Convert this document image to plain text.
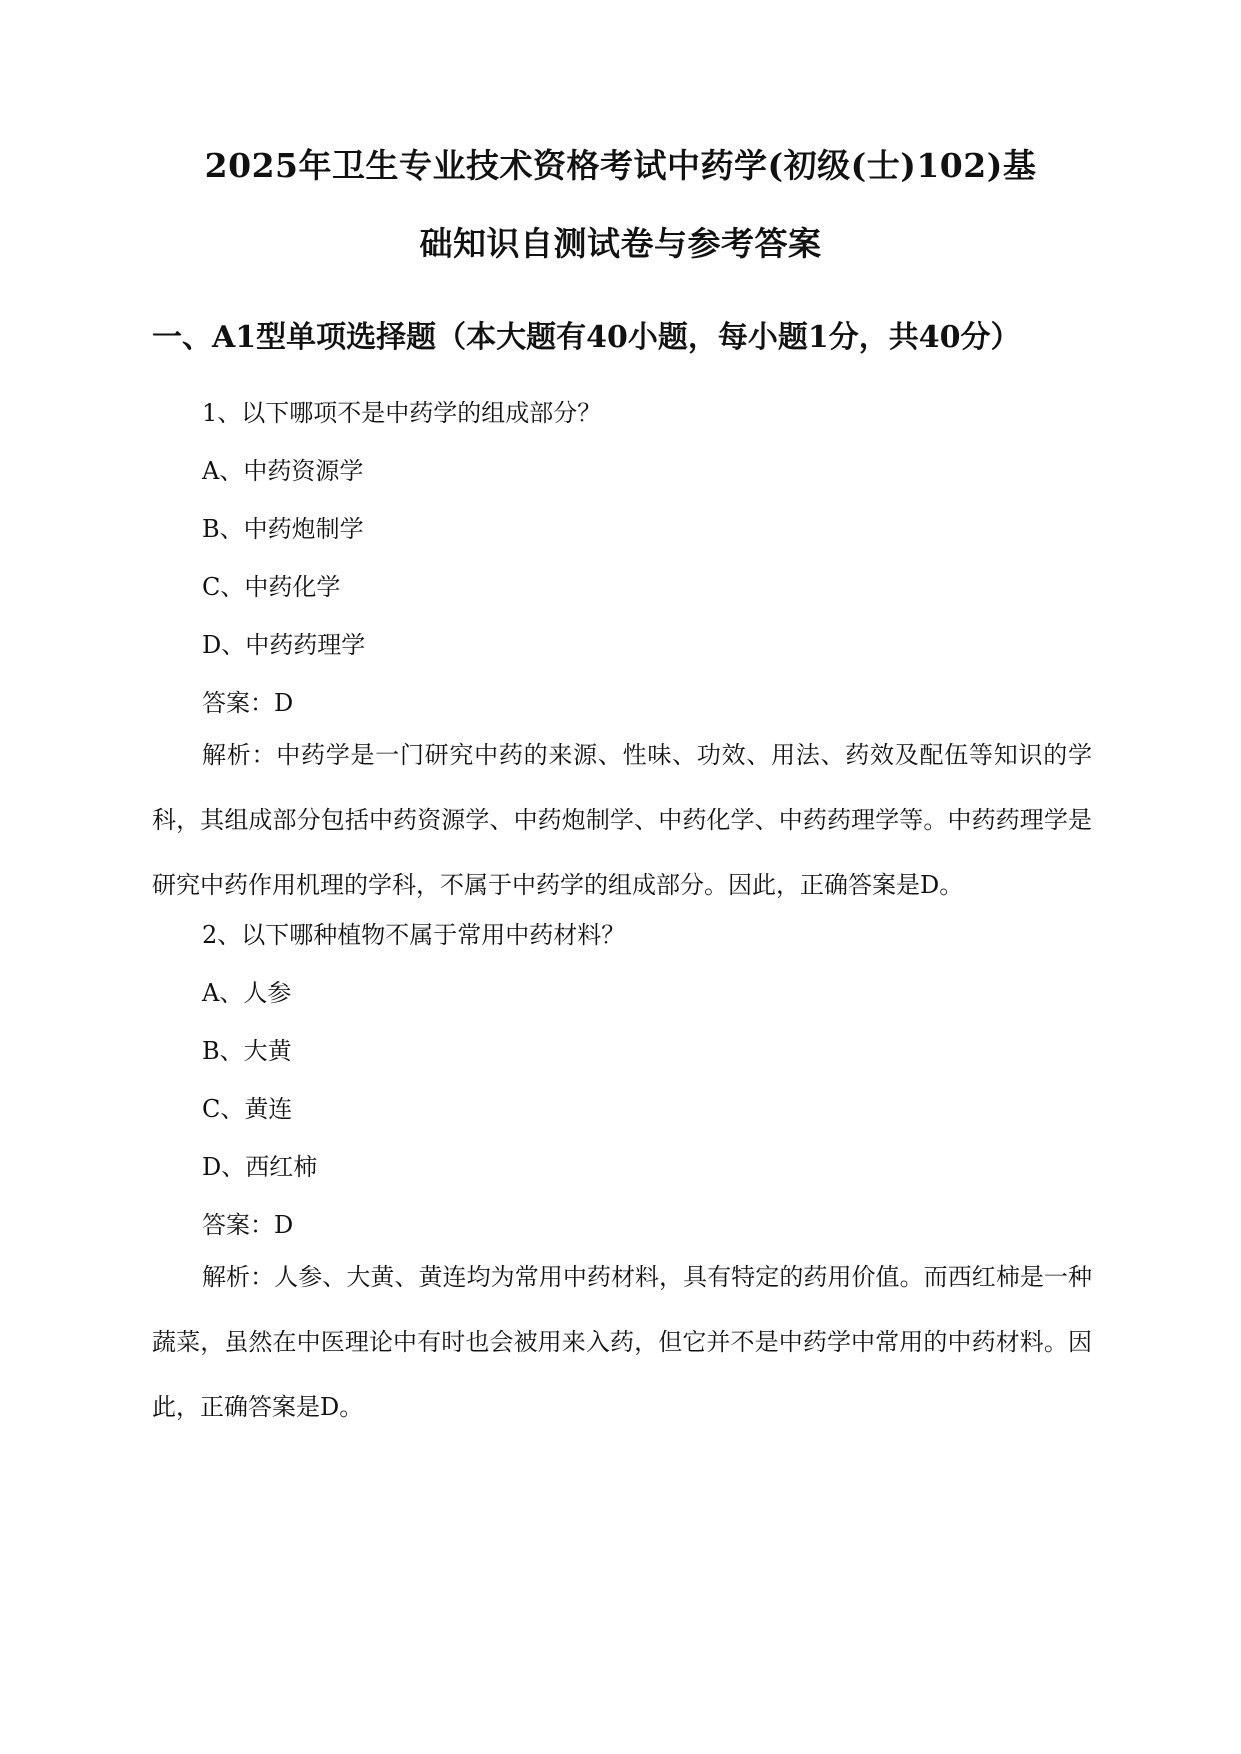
2025年卫生专业技术资格考试中药学(初级(士)102)基
础知识自测试卷与参考答案
一、A1型单项选择题（本大题有40小题，每小题1分，共40分）
1、以下哪项不是中药学的组成部分？
A、中药资源学
B、中药炮制学
C、中药化学
D、中药药理学
答案：D
解析：中药学是一门研究中药的来源、性味、功效、用法、药效及配伍等知识的学科，其组成部分包括中药资源学、中药炮制学、中药化学、中药药理学等。中药药理学是研究中药作用机理的学科，不属于中药学的组成部分。因此，正确答案是D。
2、以下哪种植物不属于常用中药材料？
A、人参
B、大黄
C、黄连
D、西红柿
答案：D
解析：人参、大黄、黄连均为常用中药材料，具有特定的药用价值。而西红柿是一种蔬菜，虽然在中医理论中有时也会被用来入药，但它并不是中药学中常用的中药材料。因此，正确答案是D。
